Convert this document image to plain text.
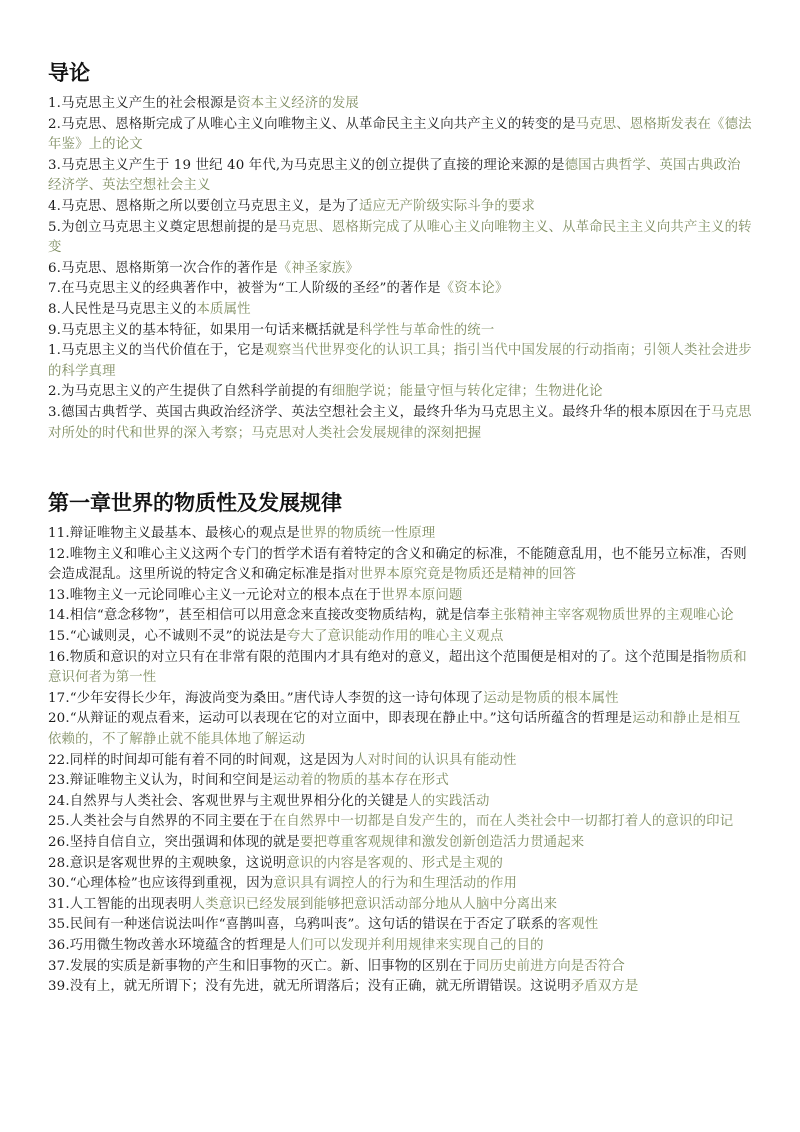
导论

1.马克思主义产生的社会根源是资本主义经济的发展

2.马克思、恩格斯完成了从唯心主义向唯物主义、从革命民主主义向共产主义的转变的是马克思、恩格斯发表在《德法年鉴》上的论文

3.马克思主义产生于 19 世纪 40 年代,为马克思主义的创立提供了直接的理论来源的是德国古典哲学、英国古典政治经济学、英法空想社会主义

4.马克思、恩格斯之所以要创立马克思主义，是为了适应无产阶级实际斗争的要求

5.为创立马克思主义奠定思想前提的是马克思、恩格斯完成了从唯心主义向唯物主义、从革命民主主义向共产主义的转变

6.马克思、恩格斯第一次合作的著作是《神圣家族》

7.在马克思主义的经典著作中，被誉为“工人阶级的圣经”的著作是《资本论》

8.人民性是马克思主义的本质属性

9.马克思主义的基本特征，如果用一句话来概括就是科学性与革命性的统一

1.马克思主义的当代价值在于，它是观察当代世界变化的认识工具；指引当代中国发展的行动指南；引领人类社会进步的科学真理

2.为马克思主义的产生提供了自然科学前提的有细胞学说；能量守恒与转化定律；生物进化论

3.德国古典哲学、英国古典政治经济学、英法空想社会主义，最终升华为马克思主义。最终升华的根本原因在于马克思对所处的时代和世界的深入考察；马克思对人类社会发展规律的深刻把握

第一章世界的物质性及发展规律

11.辩证唯物主义最基本、最核心的观点是世界的物质统一性原理

12.唯物主义和唯心主义这两个专门的哲学术语有着特定的含义和确定的标准，不能随意乱用，也不能另立标准，否则会造成混乱。这里所说的特定含义和确定标准是指对世界本原究竟是物质还是精神的回答

13.唯物主义一元论同唯心主义一元论对立的根本点在于世界本原问题

14.相信“意念移物”，甚至相信可以用意念来直接改变物质结构，就是信奉主张精神主宰客观物质世界的主观唯心论

15.“心诚则灵，心不诚则不灵”的说法是夸大了意识能动作用的唯心主义观点

16.物质和意识的对立只有在非常有限的范围内才具有绝对的意义，超出这个范围便是相对的了。这个范围是指物质和意识何者为第一性

17.“少年安得长少年，海波尚变为桑田。”唐代诗人李贺的这一诗句体现了运动是物质的根本属性

20.“从辩证的观点看来，运动可以表现在它的对立面中，即表现在静止中。”这句话所蕴含的哲理是运动和静止是相互依赖的，不了解静止就不能具体地了解运动

22.同样的时间却可能有着不同的时间观，这是因为人对时间的认识具有能动性

23.辩证唯物主义认为，时间和空间是运动着的物质的基本存在形式

24.自然界与人类社会、客观世界与主观世界相分化的关键是人的实践活动

25.人类社会与自然界的不同主要在于在自然界中一切都是自发产生的，而在人类社会中一切都打着人的意识的印记

26.坚持自信自立，突出强调和体现的就是要把尊重客观规律和激发创新创造活力贯通起来

28.意识是客观世界的主观映象，这说明意识的内容是客观的、形式是主观的

30.“心理体检”也应该得到重视，因为意识具有调控人的行为和生理活动的作用

31.人工智能的出现表明人类意识已经发展到能够把意识活动部分地从人脑中分离出来

35.民间有一种迷信说法叫作“喜鹊叫喜，乌鸦叫丧”。这句话的错误在于否定了联系的客观性

36.巧用微生物改善水环境蕴含的哲理是人们可以发现并利用规律来实现自己的目的

37.发展的实质是新事物的产生和旧事物的灭亡。新、旧事物的区别在于同历史前进方向是否符合

39.没有上，就无所谓下；没有先进，就无所谓落后；没有正确，就无所谓错误。这说明矛盾双方是
